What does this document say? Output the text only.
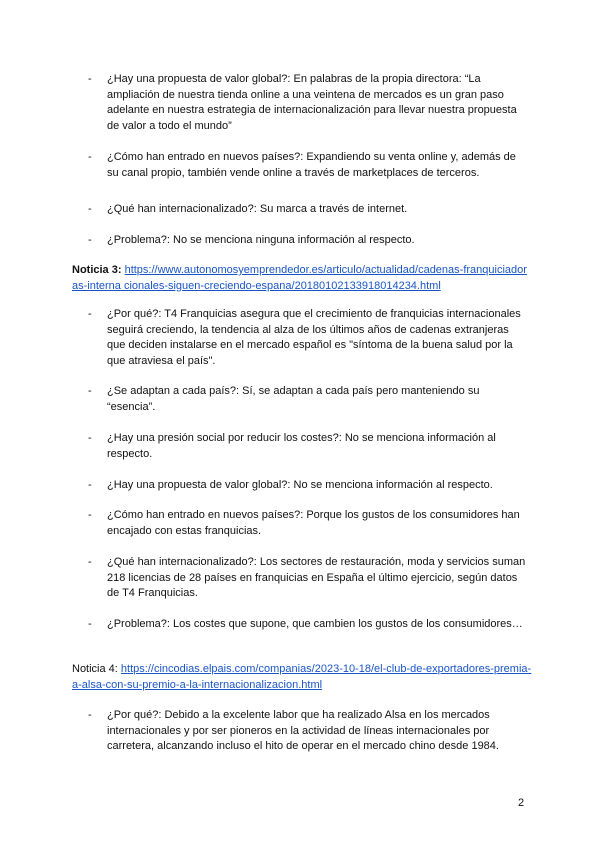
- ¿Hay una propuesta de valor global?: En palabras de la propia directora: “La ampliación de nuestra tienda online a una veintena de mercados es un gran paso adelante en nuestra estrategia de internacionalización para llevar nuestra propuesta de valor a todo el mundo”
- ¿Cómo han entrado en nuevos países?: Expandiendo su venta online y, además de su canal propio, también vende online a través de marketplaces de terceros.
- ¿Qué han internacionalizado?: Su marca a través de internet.
- ¿Problema?: No se menciona ninguna información al respecto.
Noticia 3: https://www.autonomosyemprendedor.es/articulo/actualidad/cadenas-franquiciadoras-interna cionales-siguen-creciendo-espana/20180102133918014234.html
- ¿Por qué?: T4 Franquicias asegura que el crecimiento de franquicias internacionales seguirá creciendo, la tendencia al alza de los últimos años de cadenas extranjeras que deciden instalarse en el mercado español es "síntoma de la buena salud por la que atraviesa el país".
- ¿Se adaptan a cada país?: Sí, se adaptan a cada país pero manteniendo su “esencia”.
- ¿Hay una presión social por reducir los costes?: No se menciona información al respecto.
- ¿Hay una propuesta de valor global?: No se menciona información al respecto.
- ¿Cómo han entrado en nuevos países?: Porque los gustos de los consumidores han encajado con estas franquicias.
- ¿Qué han internacionalizado?: Los sectores de restauración, moda y servicios suman 218 licencias de 28 países en franquicias en España el último ejercicio, según datos de T4 Franquicias.
- ¿Problema?: Los costes que supone, que cambien los gustos de los consumidores…
Noticia 4: https://cincodias.elpais.com/companias/2023-10-18/el-club-de-exportadores-premia-a-alsa-con-su-premio-a-la-internacionalizacion.html
- ¿Por qué?: Debido a la excelente labor que ha realizado Alsa en los mercados internacionales y por ser pioneros en la actividad de líneas internacionales por carretera, alcanzando incluso el hito de operar en el mercado chino desde 1984.
2
